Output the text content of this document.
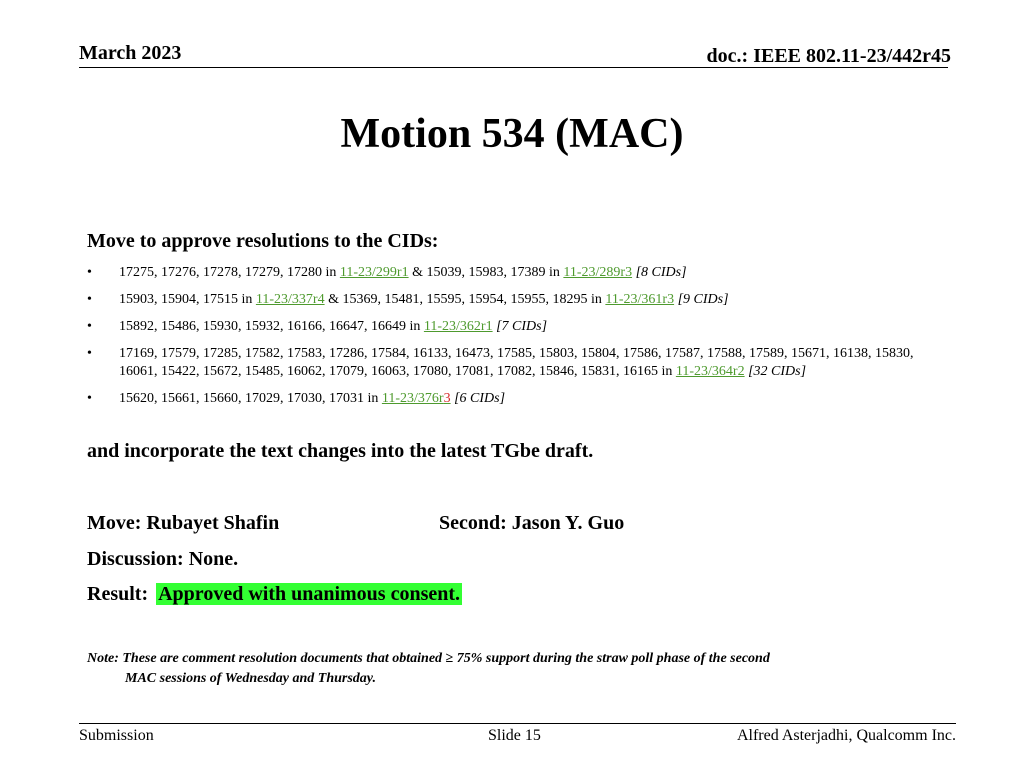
March 2023	doc.: IEEE 802.11-23/442r45
Motion 534 (MAC)
Move to approve resolutions to the CIDs:
• 17275, 17276, 17278, 17279, 17280 in 11-23/299r1 & 15039, 15983, 17389 in 11-23/289r3 [8 CIDs]
• 15903, 15904, 17515 in 11-23/337r4 & 15369, 15481, 15595, 15954, 15955, 18295 in 11-23/361r3 [9 CIDs]
• 15892, 15486, 15930, 15932, 16166, 16647, 16649 in 11-23/362r1 [7 CIDs]
• 17169, 17579, 17285, 17582, 17583, 17286, 17584, 16133, 16473, 17585, 15803, 15804, 17586, 17587, 17588, 17589, 15671, 16138, 15830, 16061, 15422, 15672, 15485, 16062, 17079, 16063, 17080, 17081, 17082, 15846, 15831, 16165 in 11-23/364r2 [32 CIDs]
• 15620, 15661, 15660, 17029, 17030, 17031 in 11-23/376r3 [6 CIDs]
and incorporate the text changes into the latest TGbe draft.
Move: Rubayet Shafin	Second: Jason Y. Guo
Discussion: None.
Result: Approved with unanimous consent.
Note: These are comment resolution documents that obtained ≥ 75% support during the straw poll phase of the second
MAC sessions of Wednesday and Thursday.
Submission	Slide 15	Alfred Asterjadhi, Qualcomm Inc.
